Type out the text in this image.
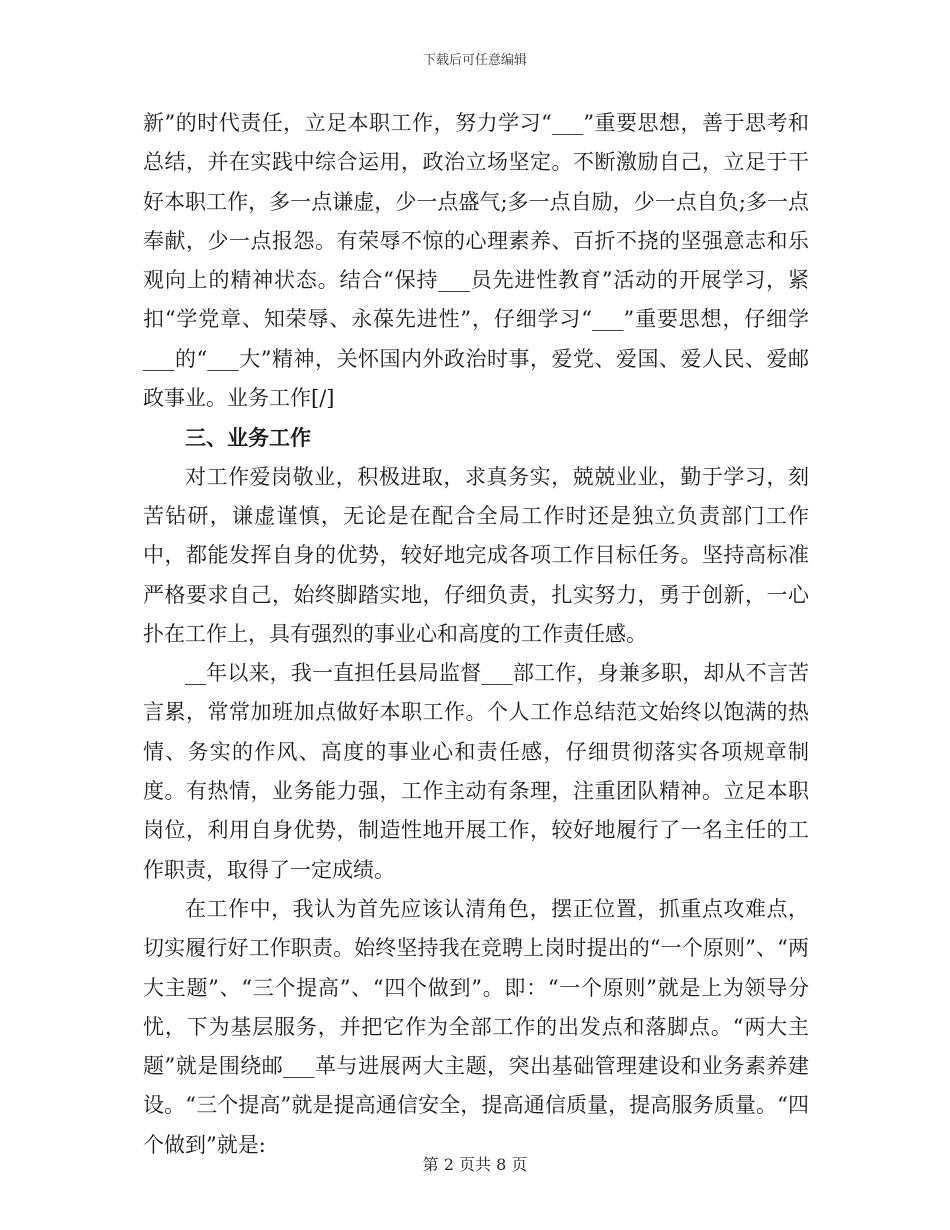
下载后可任意编辑

新”的时代责任，立足本职工作，努力学习“___”重要思想，善于思考和总结，并在实践中综合运用，政治立场坚定。不断激励自己，立足于干好本职工作，多一点谦虚，少一点盛气;多一点自励，少一点自负;多一点奉献，少一点报怨。有荣辱不惊的心理素养、百折不挠的坚强意志和乐观向上的精神状态。结合“保持___员先进性教育”活动的开展学习，紧扣“学党章、知荣辱、永葆先进性”，仔细学习“___”重要思想，仔细学___的“___大”精神，关怀国内外政治时事，爱党、爱国、爱人民、爱邮政事业。业务工作[/]

三、业务工作

对工作爱岗敬业，积极进取，求真务实，兢兢业业，勤于学习，刻苦钻研，谦虚谨慎，无论是在配合全局工作时还是独立负责部门工作中，都能发挥自身的优势，较好地完成各项工作目标任务。坚持高标准严格要求自己，始终脚踏实地，仔细负责，扎实努力，勇于创新，一心扑在工作上，具有强烈的事业心和高度的工作责任感。

__年以来，我一直担任县局监督___部工作，身兼多职，却从不言苦言累，常常加班加点做好本职工作。个人工作总结范文始终以饱满的热情、务实的作风、高度的事业心和责任感，仔细贯彻落实各项规章制度。有热情，业务能力强，工作主动有条理，注重团队精神。立足本职岗位，利用自身优势，制造性地开展工作，较好地履行了一名主任的工作职责，取得了一定成绩。

在工作中，我认为首先应该认清角色，摆正位置，抓重点攻难点，切实履行好工作职责。始终坚持我在竞聘上岗时提出的“一个原则”、“两大主题”、“三个提高”、“四个做到”。即：“一个原则”就是上为领导分忧，下为基层服务，并把它作为全部工作的出发点和落脚点。“两大主题”就是围绕邮___革与进展两大主题，突出基础管理建设和业务素养建设。“三个提高”就是提高通信安全，提高通信质量，提高服务质量。“四个做到”就是:

第 2 页共 8 页
